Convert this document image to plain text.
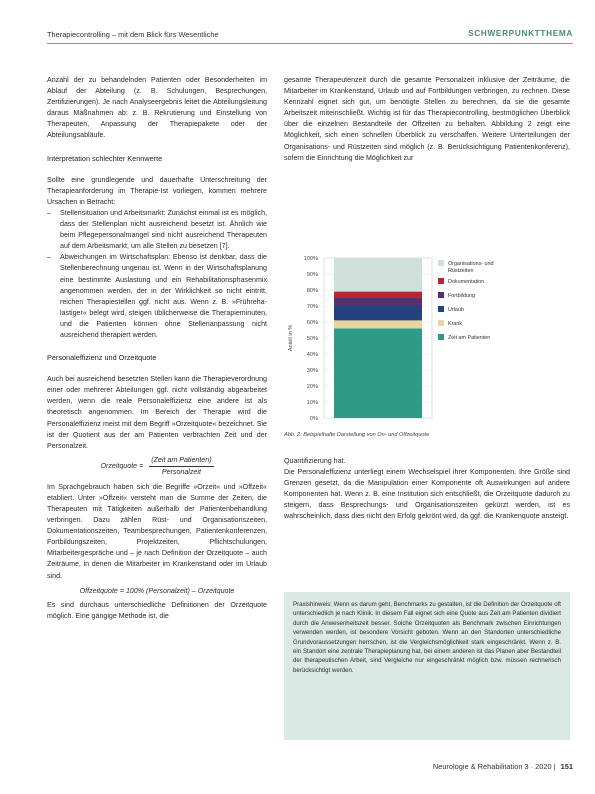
Therapiecontrolling – mit dem Blick fürs Wesentliche	SCHWERPUNKTTHEMA

Anzahl der zu behandelnden Patienten oder Besonderheiten im Ablauf der Abteilung (z. B. Schulungen, Besprechungen, Zertifizierungen). Je nach Analyseergebnis leitet die Abteilungsleitung daraus Maßnahmen ab: z. B. Rekrutierung und Einstellung von Therapeuten, Anpassung der Therapiepakete oder der Abteilungsabläufe.

Interpretation schlechter Kennwerte

Sollte eine grundlegende und dauerhafte Unterschreitung der Therapieanforderung im Therapie-Ist vorliegen, kommen mehrere Ursachen in Betracht:

– Stellensituation und Arbeitsmarkt: Zunächst einmal ist es möglich, dass der Stellenplan nicht ausreichend besetzt ist. Ähnlich wie beim Pflegepersonalmangel sind nicht ausreichend Therapeuten auf dem Arbeitsmarkt, um alle Stellen zu besetzen [7].
– Abweichungen im Wirtschaftsplan: Ebenso ist denkbar, dass die Stellenberechnung ungenau ist. Wenn in der Wirtschaftsplanung eine bestimmte Auslastung und ein Rehabilitationsphasenmix angenommen werden, der in der Wirklichkeit so nicht eintritt, reichen Therapiestellen ggf. nicht aus. Wenn z. B. »Frühreha-lastiger« belegt wird, steigen üblicherweise die Therapieminuten, und die Patienten können ohne Stellenanpassung nicht ausreichend therapiert werden.
Personaleffizienz und Orzeitquote

Auch bei ausreichend besetzten Stellen kann die Therapieverordnung einer oder mehrerer Abteilungen ggf. nicht vollständig abgearbeitet werden, wenn die reale Personaleffizienz eine andere ist als theoretisch angenommen. Im Bereich der Therapie wird die Personaleffizienz meist mit dem Begriff »Orzeitquote« bezeichnet. Sie ist der Quotient aus der am Patienten verbrachten Zeit und der Personalzeit.

Orzeitquote = $\frac{\text{(Zeit am Patienten)}}{\text{Personalzeit}}$

Im Sprachgebrauch haben sich die Begriffe »Orzeit« und »Offzeit« etabliert. Unter »Offzeit« versteht man die Summe der Zeiten, die Therapeuten mit Tätigkeiten außerhalb der Patientenbehandlung verbringen. Dazu zählen Rüst- und Organisationszeiten, Dokumentationszeiten, Teambesprechungen, Patientenkonferenzen, Fortbildungszeiten, Projektzeiten, Pflichtschulungen, Mitarbeitergespräche und – je nach Definition der Orzeitquote – auch Zeiträume, in denen die Mitarbeiter im Krankenstand oder im Urlaub sind.

Offzeitquote = 100% (Personalzeit) – Orzeitquote

Es sind durchaus unterschiedliche Definitionen der Orzeitquote möglich. Eine gängige Methode ist, die

gesamte Therapeutenzeit durch die gesamte Personalzeit inklusive der Zeiträume, die Mitarbeiter im Krankenstand, Urlaub und auf Fortbildungen verbringen, zu rechnen. Diese Kennzahl eignet sich gut, um benötigte Stellen zu berechnen, da sie die gesamte Arbeitszeit miteinschließt. Wichtig ist für das Therapiecontrolling, bestmöglichen Überblick über die einzelnen Bestandteile der Offzeiten zu behalten. Abbildung 2 zeigt eine Möglichkeit, sich einen schnellen Überblick zu verschaffen. Weitere Unterteilungen der Organisations- und Rüstzeiten sind möglich (z. B. Berücksichtigung Patientenkonferenz), sofern die Einrichtung die Möglichkeit zur

0%
10%
20%
30%
40%
50%
60%
70%
80%
90%
100%
Anteil in %
Organisations- und
Rüstzeiten
Dokumentation
Fortbildung
Urlaub
Krank
Zeit am Patienten
Abb. 2: Beispielhafte Darstellung von On- und Offzeitquote

Quantifizierung hat.

Die Personaleffizienz unterliegt einem Wechselspiel ihrer Komponenten. Ihre Größe sind Grenzen gesetzt, da die Manipulation einer Komponente oft Auswirkungen auf andere Komponenten hat. Wenn z. B. eine Institution sich entschließt, die Orzeitquote dadurch zu steigern, dass Besprechungs- und Organisationszeiten gekürzt werden, ist es wahrscheinlich, dass dies nicht den Erfolg gekrönt wird, da ggf. die Krankenquote ansteigt.

Praxishinweis: Wenn es darum geht, Benchmarks zu gestalten, ist die Definition der Orzeitquote oft unterschiedlich je nach Klinik. In diesem Fall eignet sich eine Quote aus Zeit am Patienten dividiert durch die Anwesenheitszeit besser. Solche Orzeitquoten als Benchmark zwischen Einrichtungen verwenden werden, ist besondere Vorsicht geboten. Wenn an den Standorten unterschiedliche Grundvoraussetzungen herrschen, ist die Vergleichsmöglichkeit stark eingeschränkt. Wenn z. B. ein Standort eine zentrale Therapieplanung hat, bei einem anderen ist das Planen aber Bestandteil der therapeutischen Arbeit, sind Vergleiche nur eingeschränkt möglich bzw. müssen rechnerisch berücksichtigt werden.

Neurologie & Rehabilitation 3 · 2020 | 151
